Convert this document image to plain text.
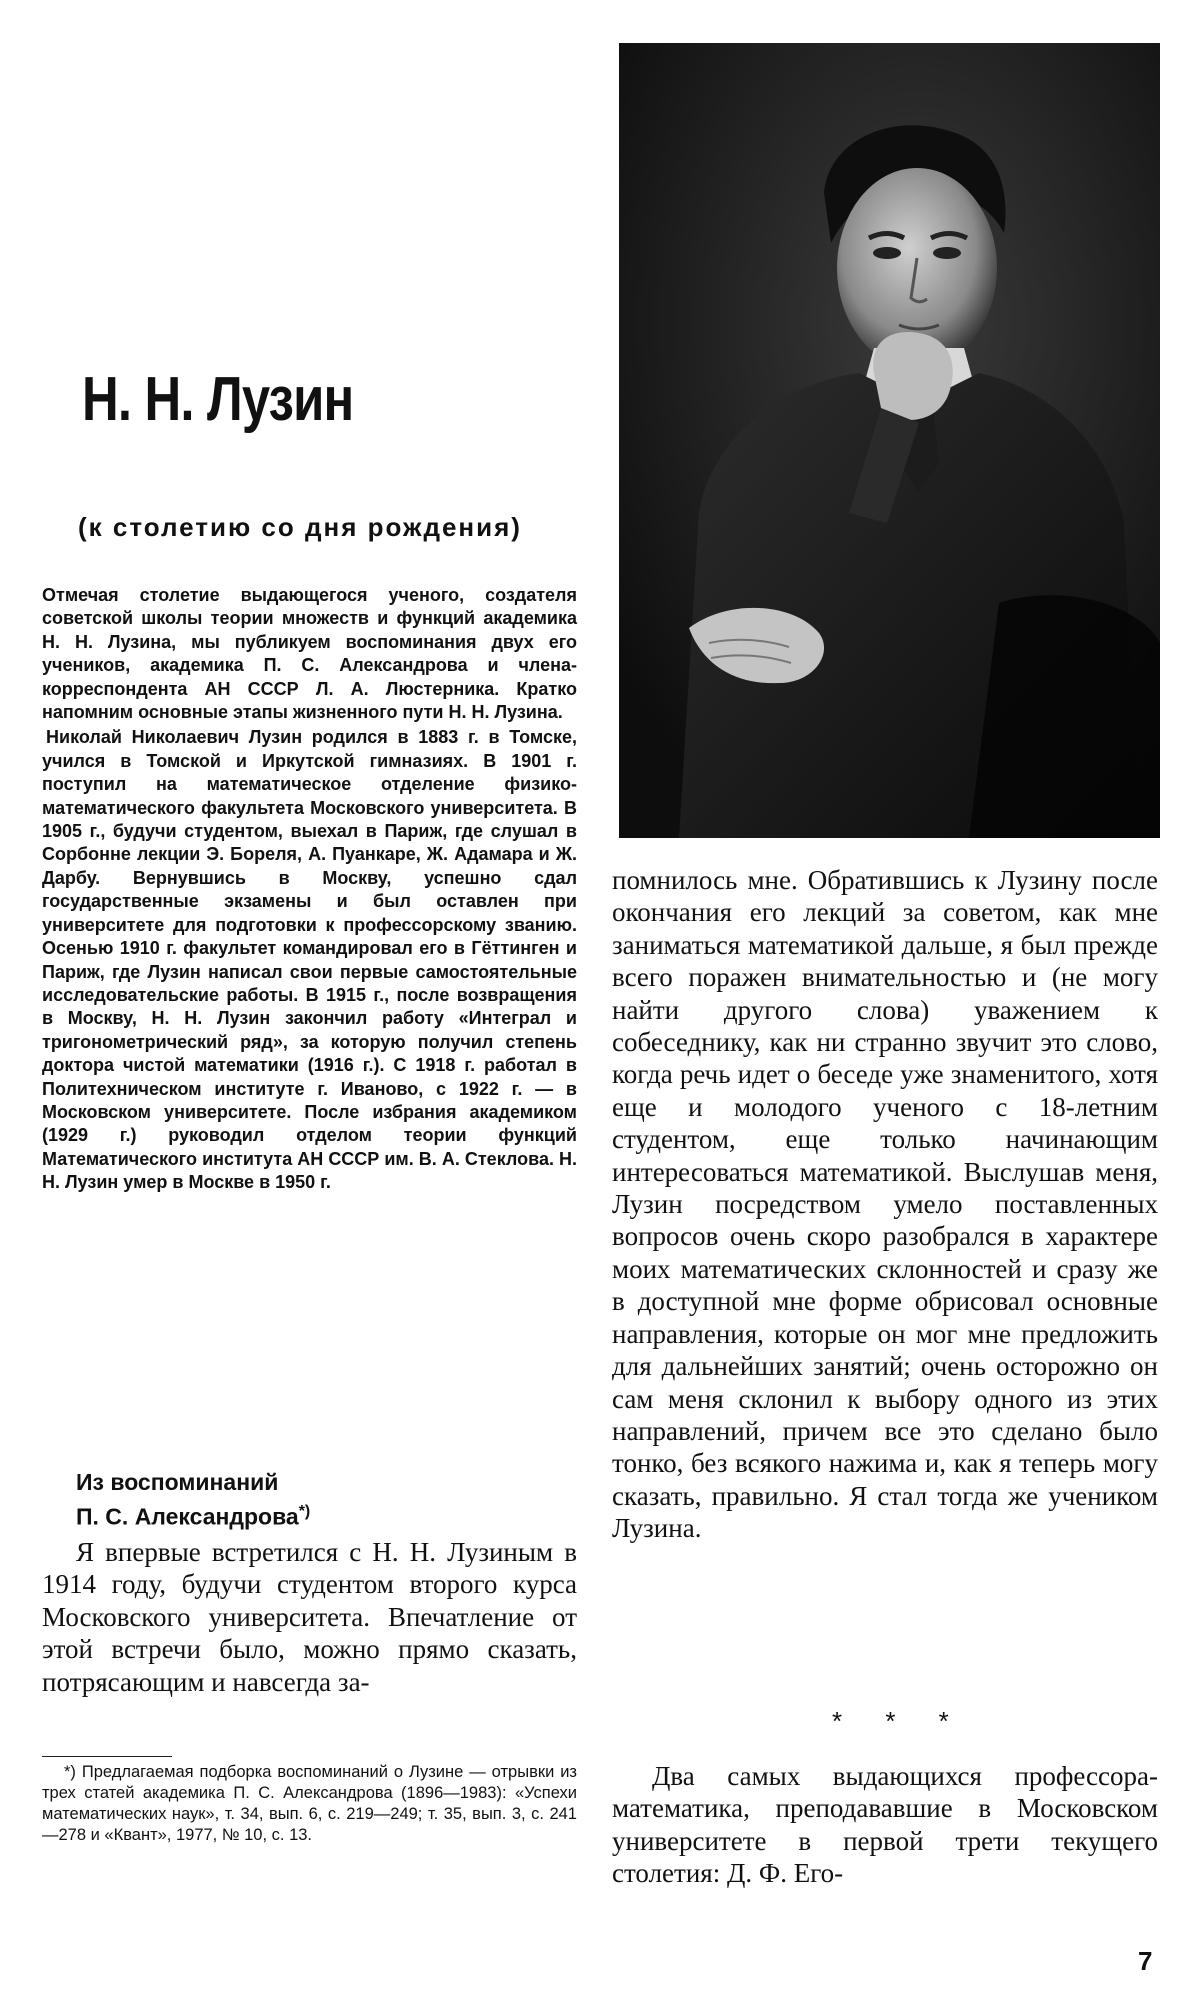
Н. Н. Лузин
(к столетию со дня рождения)

Отмечая столетие выдающегося ученого, создателя советской школы теории множеств и функций академика Н. Н. Лузина, мы публикуем воспоминания двух его учеников, академика П. С. Александрова и члена-корреспондента АН СССР Л. А. Люстерника. Кратко напомним основные этапы жизненного пути Н. Н. Лузина.

Николай Николаевич Лузин родился в 1883 г. в Томске, учился в Томской и Иркутской гимназиях. В 1901 г. поступил на математическое отделение физико-математического факультета Московского университета. В 1905 г., будучи студентом, выехал в Париж, где слушал в Сорбонне лекции Э. Бореля, А. Пуанкаре, Ж. Адамара и Ж. Дарбу. Вернувшись в Москву, успешно сдал государственные экзамены и был оставлен при университете для подготовки к профессорскому званию. Осенью 1910 г. факультет командировал его в Гёттинген и Париж, где Лузин написал свои первые самостоятельные исследовательские работы. В 1915 г., после возвращения в Москву, Н. Н. Лузин закончил работу «Интеграл и тригонометрический ряд», за которую получил степень доктора чистой математики (1916 г.). С 1918 г. работал в Политехническом институте г. Иваново, с 1922 г. — в Московском университете. После избрания академиком (1929 г.) руководил отделом теории функций Математического института АН СССР им. В. А. Стеклова. Н. Н. Лузин умер в Москве в 1950 г.

Из воспоминаний
П. С. Александрова*)
Я впервые встретился с Н. Н. Лузиным в 1914 году, будучи студентом второго курса Московского университета. Впечатление от этой встречи было, можно прямо сказать, потрясающим и навсегда за-
*) Предлагаемая подборка воспоминаний о Лузине — отрывки из трех статей академика П. С. Александрова (1896—1983): «Успехи математических наук», т. 34, вып. 6, с. 219—249; т. 35, вып. 3, с. 241—278 и «Квант», 1977, № 10, с. 13.
помнилось мне. Обратившись к Лузину после окончания его лекций за советом, как мне заниматься математикой дальше, я был прежде всего поражен внимательностью и (не могу найти другого слова) уважением к собеседнику, как ни странно звучит это слово, когда речь идет о беседе уже знаменитого, хотя еще и молодого ученого с 18-летним студентом, еще только начинающим интересоваться математикой. Выслушав меня, Лузин посредством умело поставленных вопросов очень скоро разобрался в характере моих математических склонностей и сразу же в доступной мне форме обрисовал основные направления, которые он мог мне предложить для дальнейших занятий; очень осторожно он сам меня склонил к выбору одного из этих направлений, причем все это сделано было тонко, без всякого нажима и, как я теперь могу сказать, правильно. Я стал тогда же учеником Лузина.
* * *
Два самых выдающихся профессора-математика, преподававшие в Московском университете в первой трети текущего столетия: Д. Ф. Его-
7
